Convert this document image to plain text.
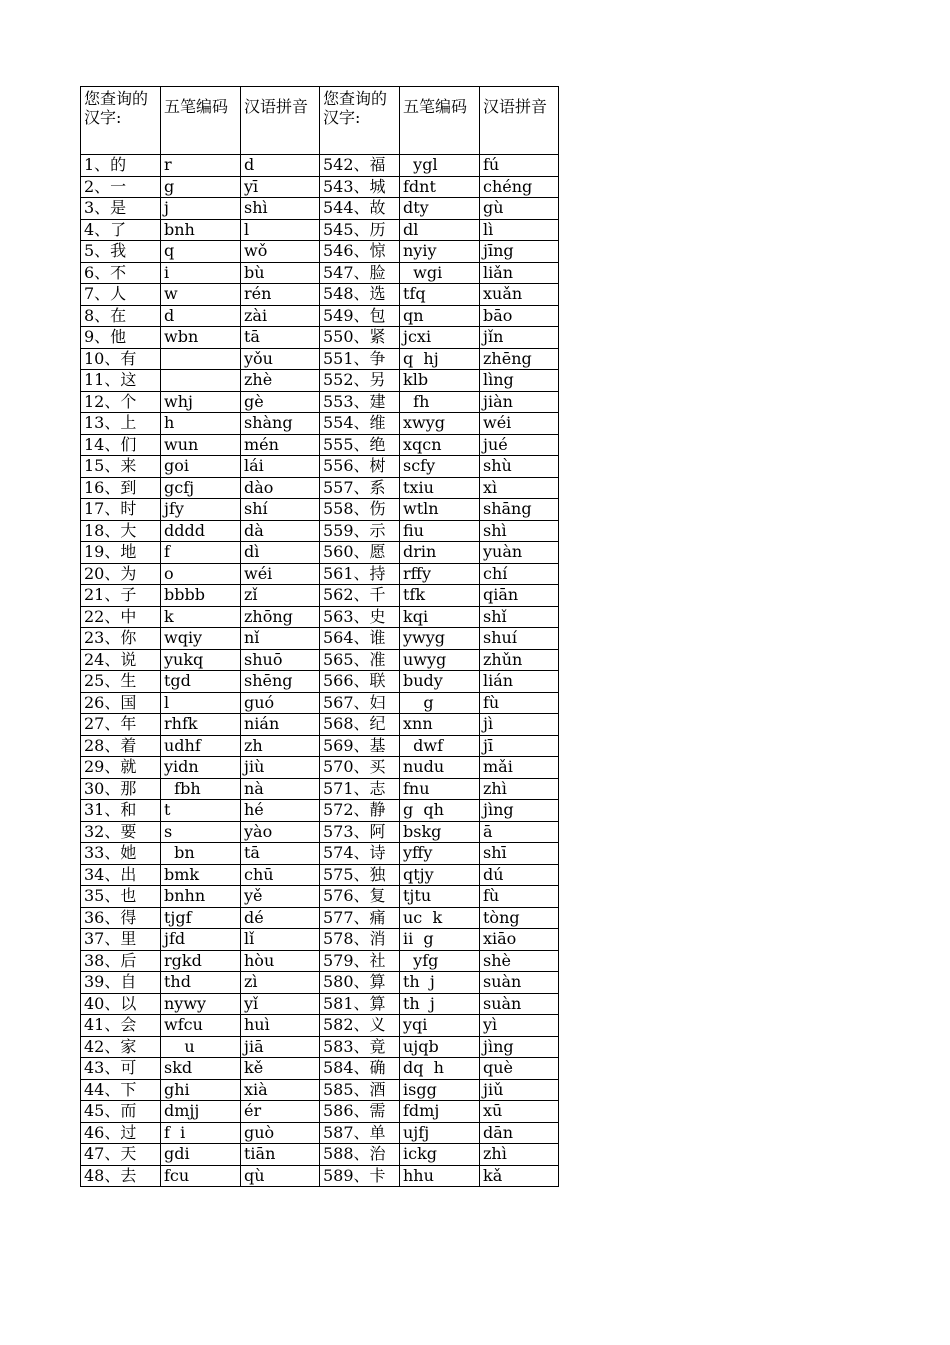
您查询的汉字:	五笔编码	汉语拼音	您查询的汉字:	五笔编码	汉语拼音
1、的	r	d	542、福	ygl	fú
2、一	g	yī	543、城	fdnt	chéng
3、是	j	shì	544、故	dty	gù
4、了	bnh	l	545、历	dl	lì
5、我	q	wǒ	546、惊	nyiy	jīng
6、不	i	bù	547、脸	wgi	liǎn
7、人	w	rén	548、选	tfq	xuǎn
8、在	d	zài	549、包	qn	bāo
9、他	wbn	tā	550、紧	jcxi	jǐn
10、有		yǒu	551、争	q  hj	zhēng
11、这		zhè	552、另	klb	lìng
12、个	whj	gè	553、建	fh	jiàn
13、上	h	shàng	554、维	xwyg	wéi
14、们	wun	mén	555、绝	xqcn	jué
15、来	goi	lái	556、树	scfy	shù
16、到	gcfj	dào	557、系	txiu	xì
17、时	jfy	shí	558、伤	wtln	shāng
18、大	dddd	dà	559、示	fiu	shì
19、地	f	dì	560、愿	drin	yuàn
20、为	o	wéi	561、持	rffy	chí
21、子	bbbb	zǐ	562、千	tfk	qiān
22、中	k	zhōng	563、史	kqi	shǐ
23、你	wqiy	nǐ	564、谁	ywyg	shuí
24、说	yukq	shuō	565、准	uwyg	zhǔn
25、生	tgd	shēng	566、联	budy	lián
26、国	l	guó	567、妇	g	fù
27、年	rhfk	nián	568、纪	xnn	jì
28、着	udhf	zh	569、基	dwf	jī
29、就	yidn	jiù	570、买	nudu	mǎi
30、那	fbh	nà	571、志	fnu	zhì
31、和	t	hé	572、静	g  qh	jìng
32、要	s	yào	573、阿	bskg	ā
33、她	bn	tā	574、诗	yffy	shī
34、出	bmk	chū	575、独	qtjy	dú
35、也	bnhn	yě	576、复	tjtu	fù
36、得	tjgf	dé	577、痛	uc  k	tòng
37、里	jfd	lǐ	578、消	ii  g	xiāo
38、后	rgkd	hòu	579、社	yfg	shè
39、自	thd	zì	580、算	th  j	suàn
40、以	nywy	yǐ	581、算	th  j	suàn
41、会	wfcu	huì	582、义	yqi	yì
42、家	u	jiā	583、竟	ujqb	jìng
43、可	skd	kě	584、确	dq  h	què
44、下	ghi	xià	585、酒	isgg	jiǔ
45、而	dmjj	ér	586、需	fdmj	xū
46、过	f  i	guò	587、单	ujfj	dān
47、天	gdi	tiān	588、治	ickg	zhì
48、去	fcu	qù	589、卡	hhu	kǎ
